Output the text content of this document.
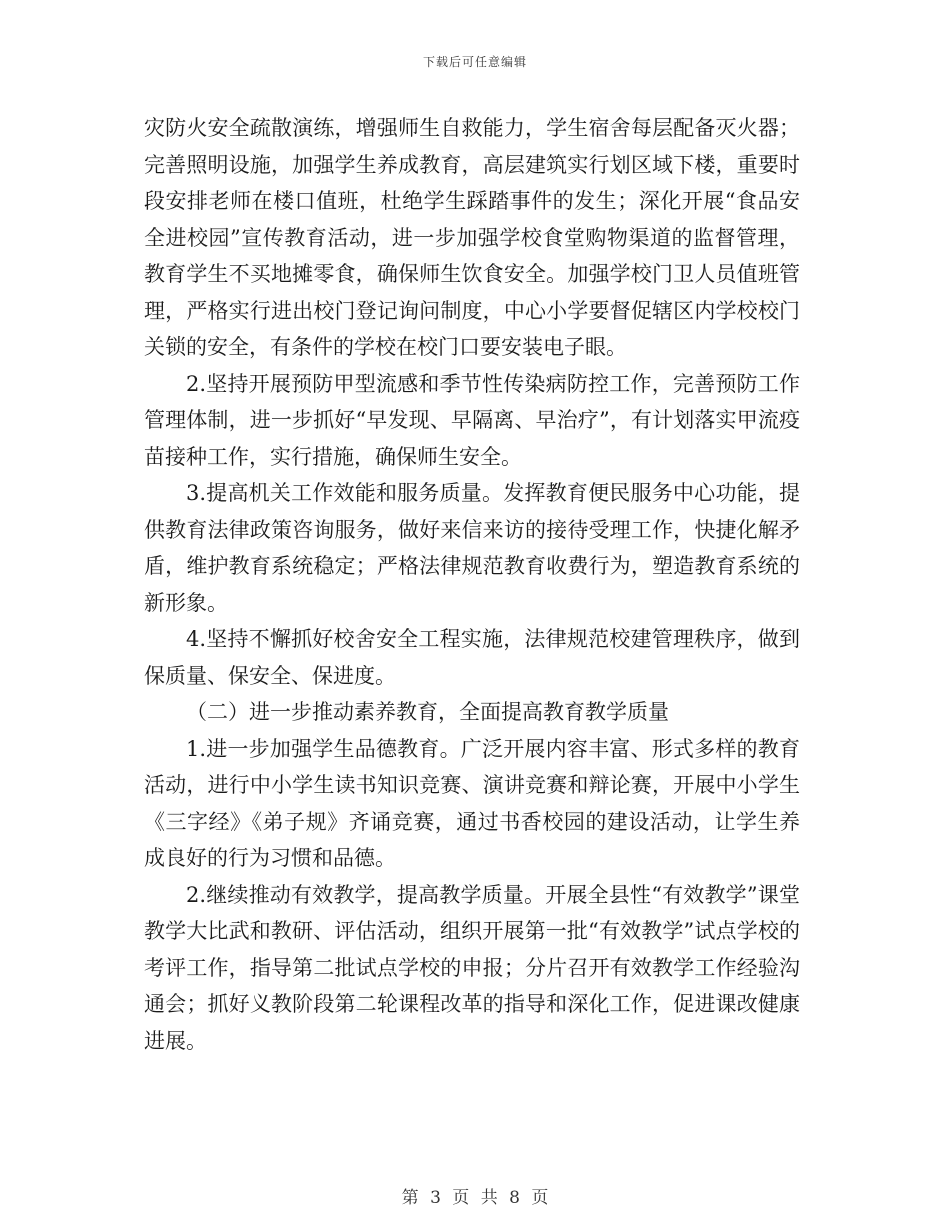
下载后可任意编辑

灾防火安全疏散演练，增强师生自救能力，学生宿舍每层配备灭火器；完善照明设施，加强学生养成教育，高层建筑实行划区域下楼，重要时段安排老师在楼口值班，杜绝学生踩踏事件的发生；深化开展“食品安全进校园”宣传教育活动，进一步加强学校食堂购物渠道的监督管理，教育学生不买地摊零食，确保师生饮食安全。加强学校门卫人员值班管理，严格实行进出校门登记询问制度，中心小学要督促辖区内学校校门关锁的安全，有条件的学校在校门口要安装电子眼。

2.坚持开展预防甲型流感和季节性传染病防控工作，完善预防工作管理体制，进一步抓好“早发现、早隔离、早治疗”，有计划落实甲流疫苗接种工作，实行措施，确保师生安全。

3.提高机关工作效能和服务质量。发挥教育便民服务中心功能，提供教育法律政策咨询服务，做好来信来访的接待受理工作，快捷化解矛盾，维护教育系统稳定；严格法律规范教育收费行为，塑造教育系统的新形象。

4.坚持不懈抓好校舍安全工程实施，法律规范校建管理秩序，做到保质量、保安全、保进度。

（二）进一步推动素养教育，全面提高教育教学质量

1.进一步加强学生品德教育。广泛开展内容丰富、形式多样的教育活动，进行中小学生读书知识竞赛、演讲竞赛和辩论赛，开展中小学生《三字经》《弟子规》齐诵竞赛，通过书香校园的建设活动，让学生养成良好的行为习惯和品德。

2.继续推动有效教学，提高教学质量。开展全县性“有效教学”课堂教学大比武和教研、评估活动，组织开展第一批“有效教学”试点学校的考评工作，指导第二批试点学校的申报；分片召开有效教学工作经验沟通会；抓好义教阶段第二轮课程改革的指导和深化工作，促进课改健康进展。

第 3 页 共 8 页
